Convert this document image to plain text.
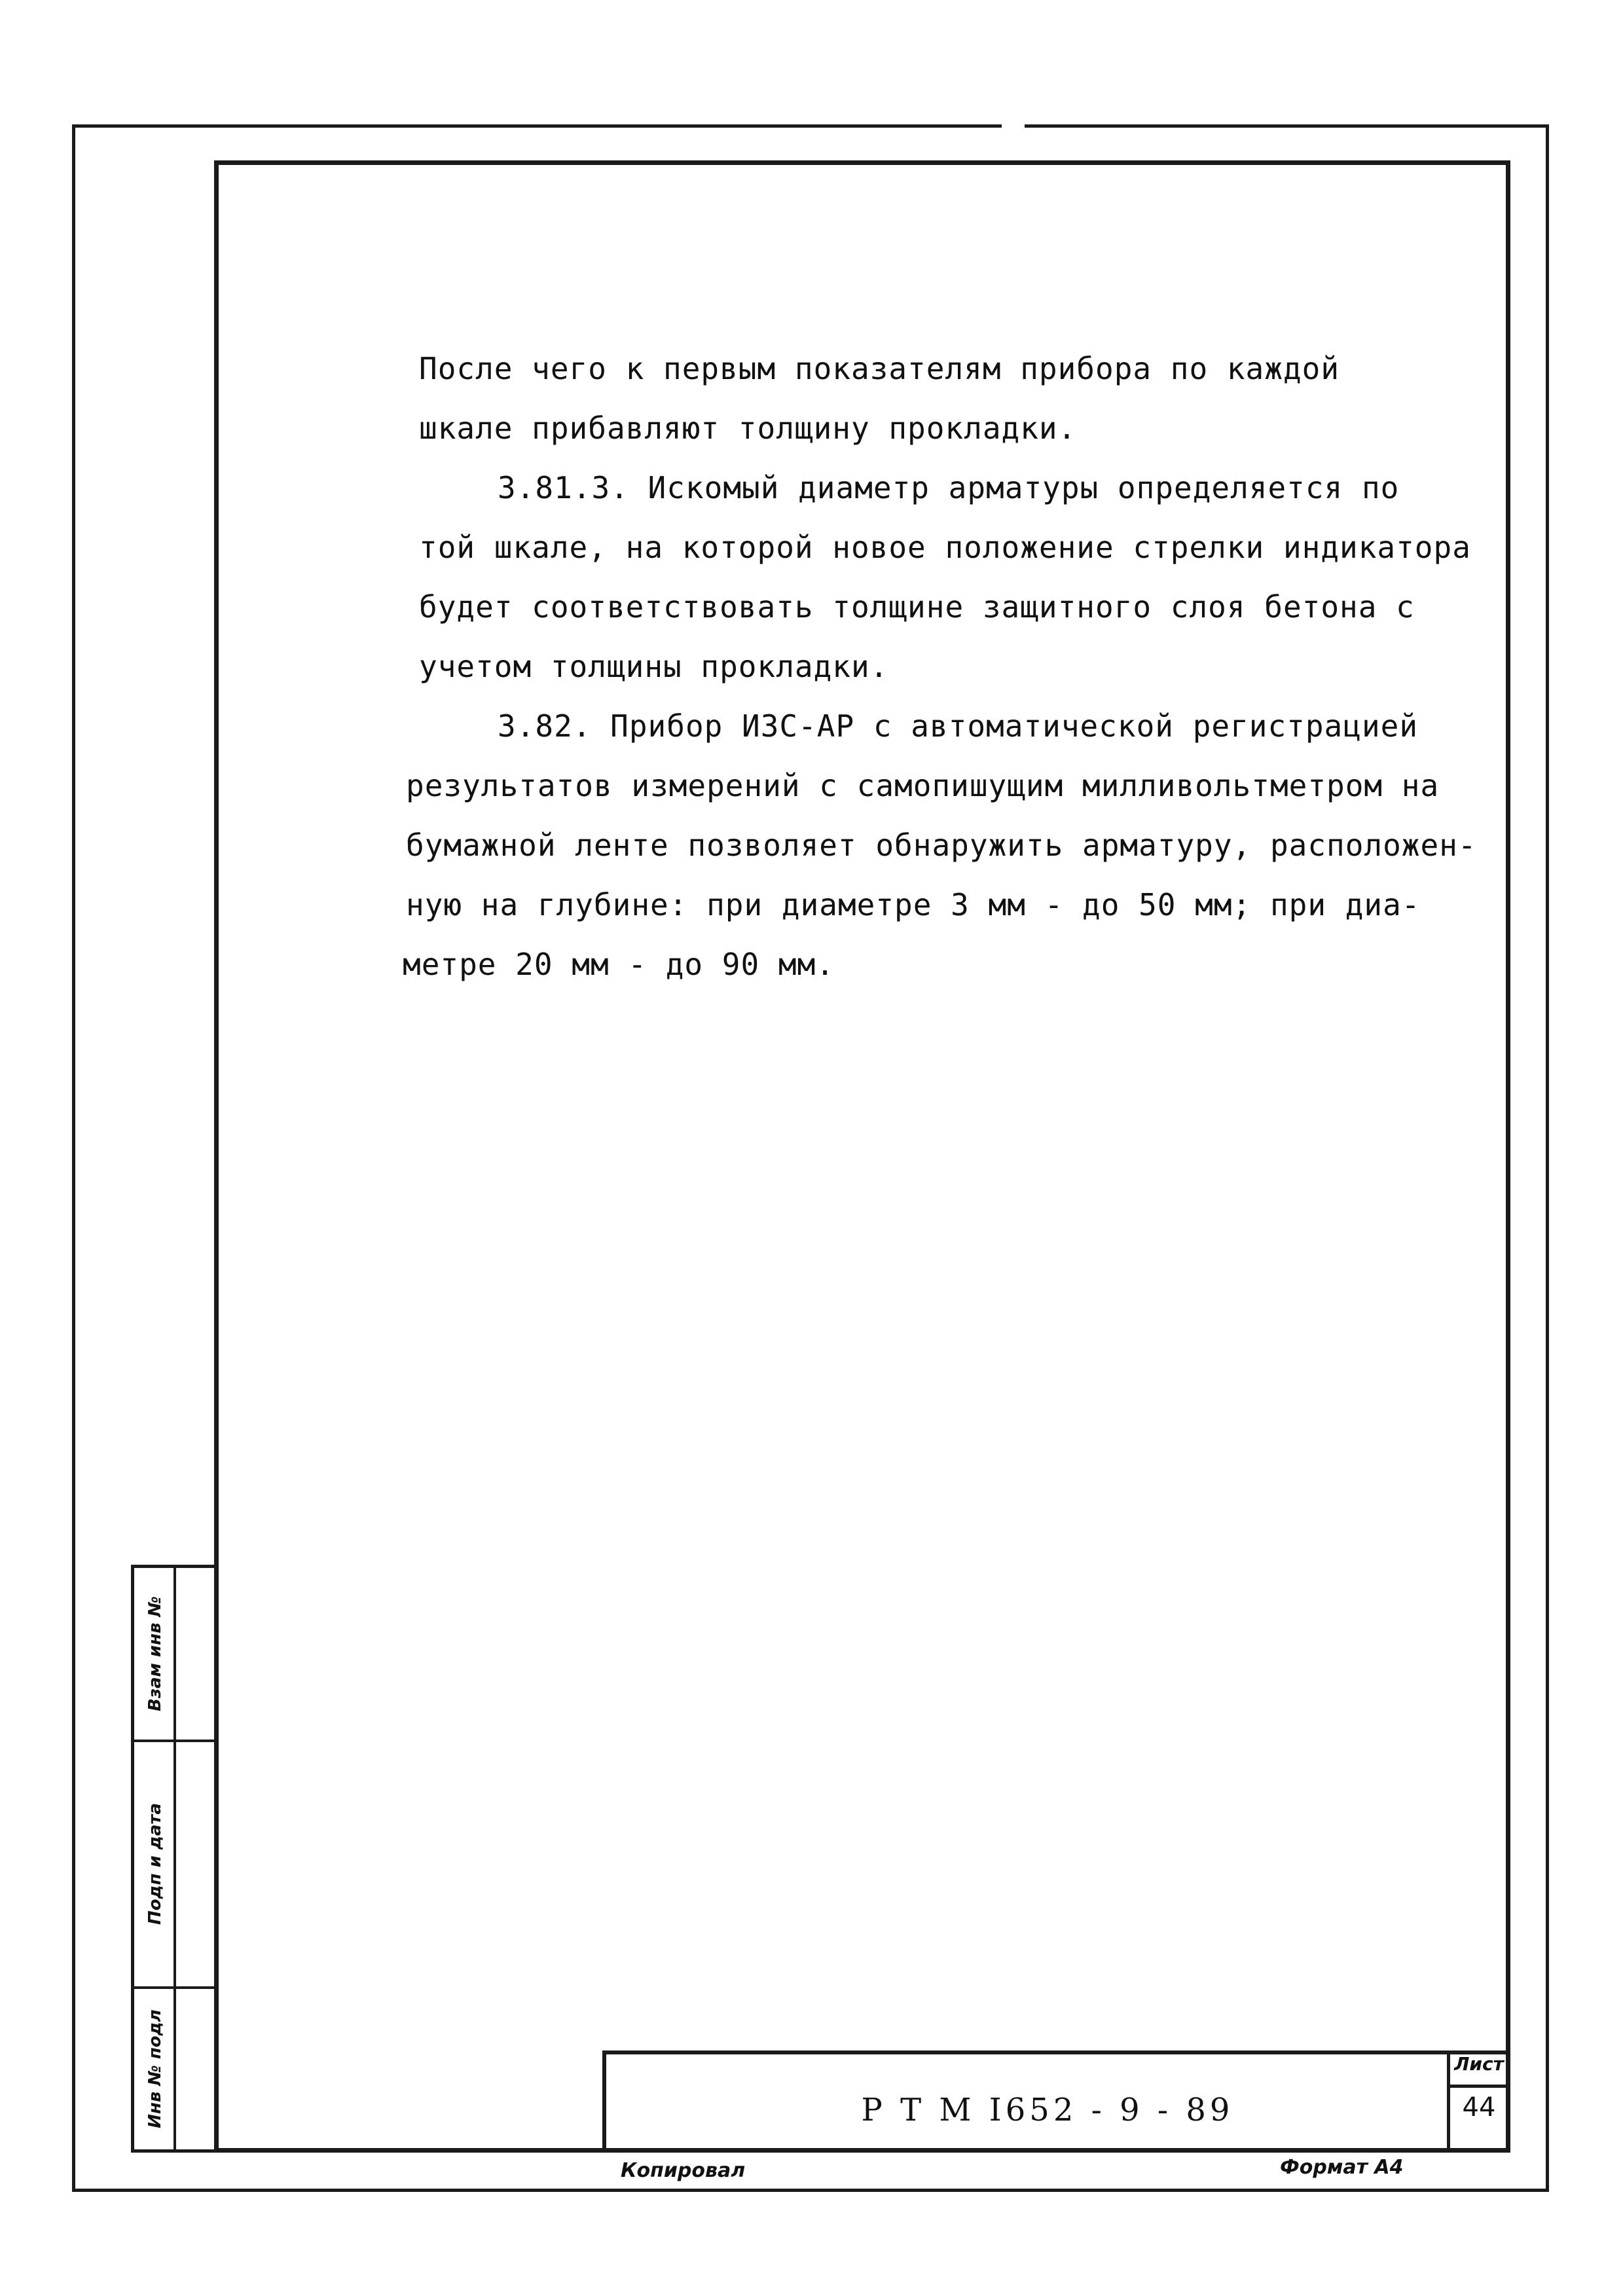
Взам инв №
Подп и дата
Инв № подл
После чего к первым показателям прибора по каждой
шкале прибавляют толщину прокладки.
3.81.3. Искомый диаметр арматуры определяется по
той шкале, на которой новое положение стрелки индикатора
будет соответствовать толщине защитного слоя бетона с
учетом толщины прокладки.
3.82. Прибор ИЗС-АР с автоматической регистрацией
результатов измерений с самопишущим милливольтметром на
бумажной ленте позволяет обнаружить арматуру, расположен-
ную на глубине: при диаметре 3 мм - до 50 мм; при диа-
метре 20 мм - до 90 мм.
Р Т М I652 - 9 - 89
Лист
44
Копировал	Формат А4
